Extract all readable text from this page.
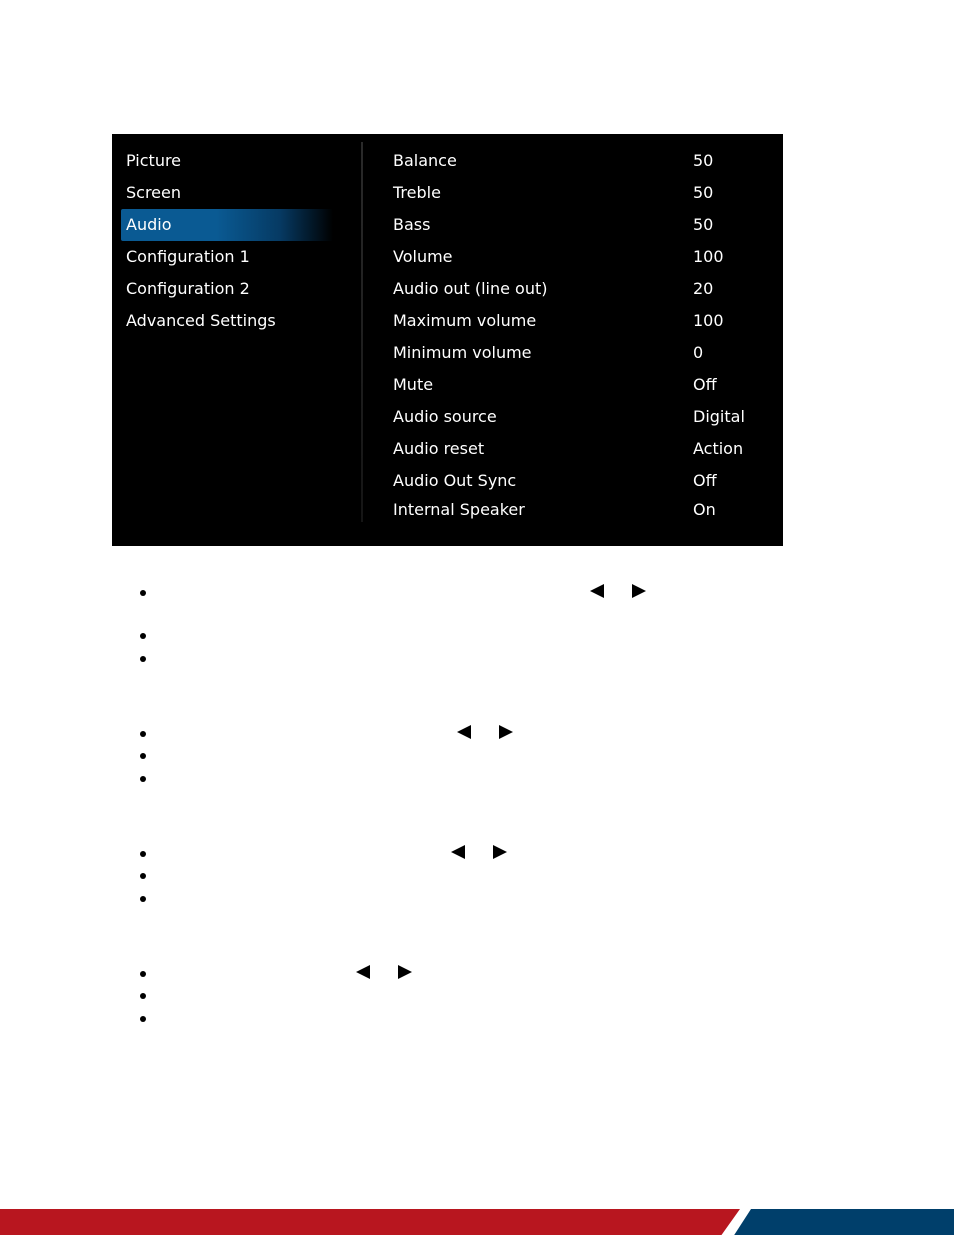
Picture
Screen
Audio
Configuration 1
Configuration 2
Advanced Settings
Balance	50
Treble	50
Bass	50
Volume	100
Audio out (line out)	20
Maximum volume	100
Minimum volume	0
Mute	Off
Audio source	Digital
Audio reset	Action
Audio Out Sync	Off
Internal Speaker	On
